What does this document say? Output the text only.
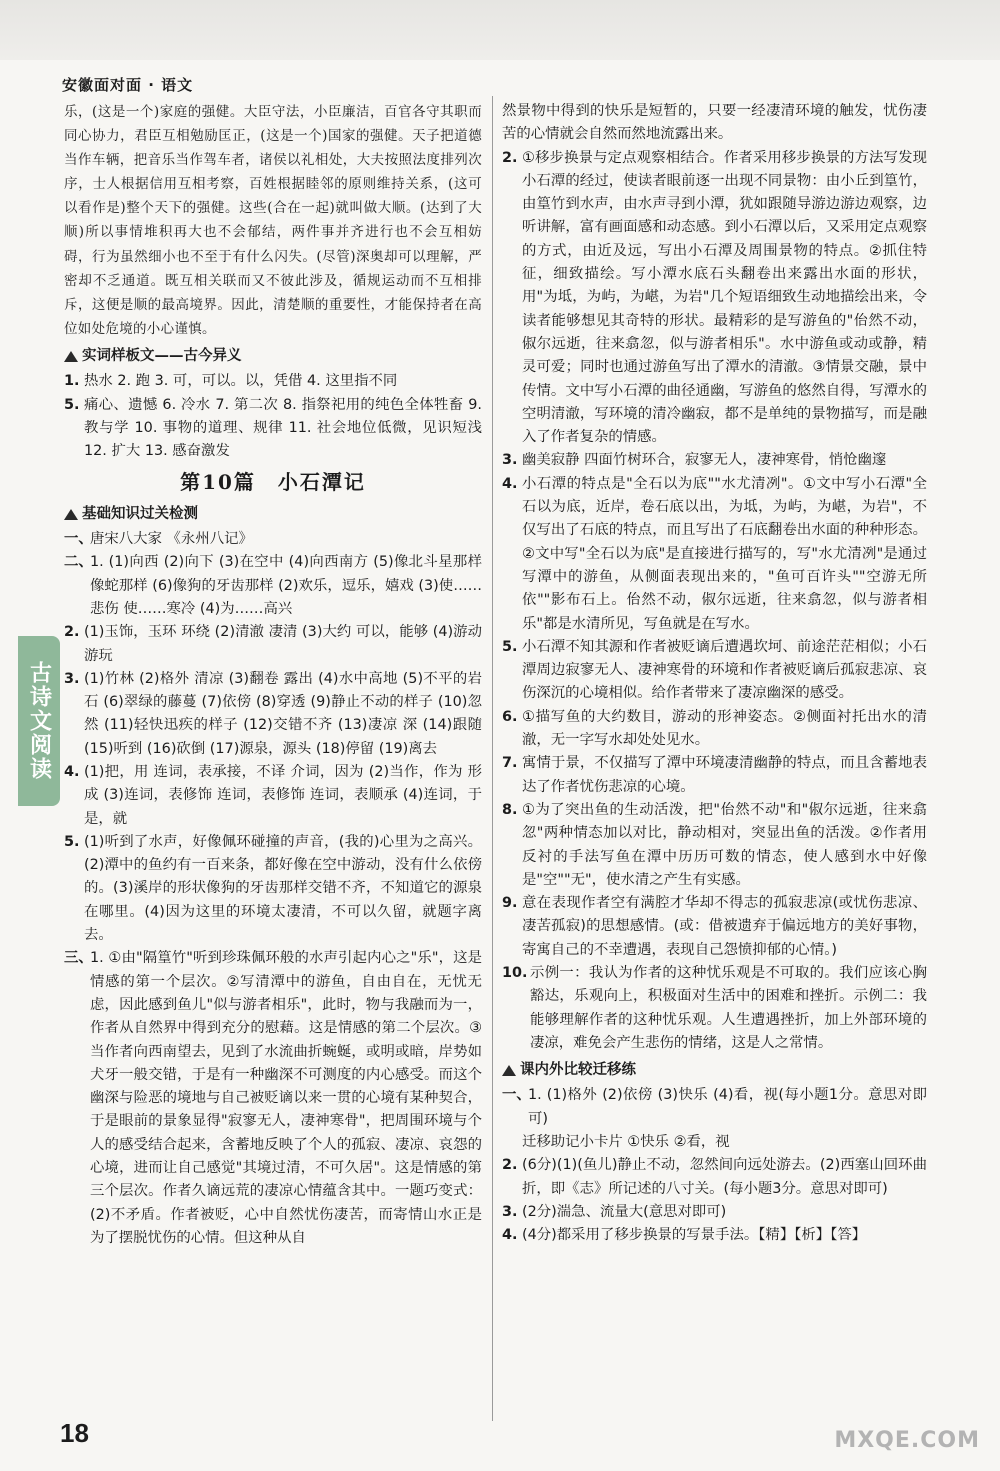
安徽面对面 · 语文
古诗文阅读

乐，(这是一个)家庭的强健。大臣守法，小臣廉洁，百官各守其职而同心协力，君臣互相勉励匡正，(这是一个)国家的强健。天子把道德当作车辆，把音乐当作驾车者，诸侯以礼相处，大夫按照法度排列次序，士人根据信用互相考察，百姓根据睦邻的原则维持关系，(这可以看作是)整个天下的强健。这些(合在一起)就叫做大顺。(达到了大顺)所以事情堆积再大也不会郁结，两件事并齐进行也不会互相妨碍，行为虽然细小也不至于有什么闪失。(尽管)深奥却可以理解，严密却不乏通道。既互相关联而又不彼此涉及，循规运动而不互相排斥，这便是顺的最高境界。因此，清楚顺的重要性，才能保持者在高位如处危境的小心谨慎。

实词样板文——古今异义
1. 热水 2. 跑 3. 可，可以。以，凭借 4. 这里指不同
5. 痛心、遗憾 6. 冷水 7. 第二次 8. 指祭祀用的纯色全体牲畜 9. 教与学 10. 事物的道理、规律 11. 社会地位低微，见识短浅 12. 扩大 13. 感奋激发
第10篇　小石潭记
基础知识过关检测
一、
唐宋八大家 《永州八记》
二、
1. (1)向西 (2)向下 (3)在空中 (4)向西南方 (5)像北斗星那样 像蛇那样 (6)像狗的牙齿那样 (2)欢乐，逗乐，嬉戏 (3)使……悲伤 使……寒冷 (4)为……高兴
2. (1)玉饰，玉环 环绕 (2)清澈 凄清 (3)大约 可以，能够 (4)游动 游玩
3. (1)竹林 (2)格外 清凉 (3)翻卷 露出 (4)水中高地 (5)不平的岩石 (6)翠绿的藤蔓 (7)依傍 (8)穿透 (9)静止不动的样子 (10)忽然 (11)轻快迅疾的样子 (12)交错不齐 (13)凄凉 深 (14)跟随 (15)听到 (16)砍倒 (17)源泉，源头 (18)停留 (19)离去
4. (1)把，用 连词，表承接，不译 介词，因为 (2)当作，作为 形成 (3)连词，表修饰 连词，表修饰 连词，表顺承 (4)连词，于是，就
5. (1)听到了水声，好像佩环碰撞的声音，(我的)心里为之高兴。(2)潭中的鱼约有一百来条，都好像在空中游动，没有什么依傍的。(3)溪岸的形状像狗的牙齿那样交错不齐，不知道它的源泉在哪里。(4)因为这里的环境太凄清，不可以久留，就题字离去。
三、
1. ①由"隔篁竹"听到珍珠佩环般的水声引起内心之"乐"，这是情感的第一个层次。②写清潭中的游鱼，自由自在，无忧无虑，因此感到鱼儿"似与游者相乐"，此时，物与我融而为一，作者从自然界中得到充分的慰藉。这是情感的第二个层次。③当作者向西南望去，见到了水流曲折蜿蜒，或明或暗，岸势如犬牙一般交错，于是有一种幽深不可测度的内心感受。而这个幽深与险恶的境地与自己被贬谪以来一贯的心境有某种契合，于是眼前的景象显得"寂寥无人，凄神寒骨"，把周围环境与个人的感受结合起来，含蓄地反映了个人的孤寂、凄凉、哀怨的心境，进而让自己感觉"其境过清，不可久居"。这是情感的第三个层次。作者久谪远荒的凄凉心情蕴含其中。一题巧变式：(2)不矛盾。作者被贬，心中自然忧伤凄苦，而寄情山水正是为了摆脱忧伤的心情。但这种从自
然景物中得到的快乐是短暂的，只要一经凄清环境的触发，忧伤凄苦的心情就会自然而然地流露出来。
2. ①移步换景与定点观察相结合。作者采用移步换景的方法写发现小石潭的经过，使读者眼前逐一出现不同景物：由小丘到篁竹，由篁竹到水声，由水声寻到小潭，犹如跟随导游边游边观察，边听讲解，富有画面感和动态感。到小石潭以后，又采用定点观察的方式，由近及远，写出小石潭及周围景物的特点。②抓住特征，细致描绘。写小潭水底石头翻卷出来露出水面的形状，用"为坻，为屿，为嵁，为岩"几个短语细致生动地描绘出来，令读者能够想见其奇特的形状。最精彩的是写游鱼的"佁然不动，俶尔远逝，往来翕忽，似与游者相乐"。水中游鱼或动或静，精灵可爱；同时也通过游鱼写出了潭水的清澈。③情景交融，景中传情。文中写小石潭的曲径通幽，写游鱼的悠然自得，写潭水的空明清澈，写环境的清冷幽寂，都不是单纯的景物描写，而是融入了作者复杂的情感。
3. 幽美寂静 四面竹树环合，寂寥无人，凄神寒骨，悄怆幽邃
4. 小石潭的特点是"全石以为底""水尤清冽"。①文中写小石潭"全石以为底，近岸，卷石底以出，为坻，为屿，为嵁，为岩"，不仅写出了石底的特点，而且写出了石底翻卷出水面的种种形态。②文中写"全石以为底"是直接进行描写的，写"水尤清冽"是通过写潭中的游鱼，从侧面表现出来的，"鱼可百许头""空游无所依""影布石上。佁然不动，俶尔远逝，往来翕忽，似与游者相乐"都是水清所见，写鱼就是在写水。
5. 小石潭不知其源和作者被贬谪后遭遇坎坷、前途茫茫相似；小石潭周边寂寥无人、凄神寒骨的环境和作者被贬谪后孤寂悲凉、哀伤深沉的心境相似。给作者带来了凄凉幽深的感受。
6. ①描写鱼的大约数目，游动的形神姿态。②侧面衬托出水的清澈，无一字写水却处处见水。
7. 寓情于景，不仅描写了潭中环境凄清幽静的特点，而且含蓄地表达了作者忧伤悲凉的心境。
8. ①为了突出鱼的生动活泼，把"佁然不动"和"俶尔远逝，往来翕忽"两种情态加以对比，静动相对，突显出鱼的活泼。②作者用反衬的手法写鱼在潭中历历可数的情态，使人感到水中好像是"空""无"，使水清之产生有实感。
9. 意在表现作者空有满腔才华却不得志的孤寂悲凉(或忧伤悲凉、凄苦孤寂)的思想感情。(或：借被遗弃于偏远地方的美好事物，寄寓自己的不幸遭遇，表现自己怨愤抑郁的心情。)
10. 示例一：我认为作者的这种忧乐观是不可取的。我们应该心胸豁达，乐观向上，积极面对生活中的困难和挫折。示例二：我能够理解作者的这种忧乐观。人生遭遇挫折，加上外部环境的凄凉，难免会产生悲伤的情绪，这是人之常情。
课内外比较迁移练
一、
1. (1)格外 (2)依傍 (3)快乐 (4)看，视(每小题1分。意思对即可)
迁移助记小卡片 ①快乐 ②看，视
2. (6分)(1)(鱼儿)静止不动，忽然间向远处游去。(2)西塞山回环曲折，即《志》所记述的八寸关。(每小题3分。意思对即可)
3. (2分)湍急、流量大(意思对即可)
4. (4分)都采用了移步换景的写景手法。【精】【析】【答】
18	MXQE.COM
